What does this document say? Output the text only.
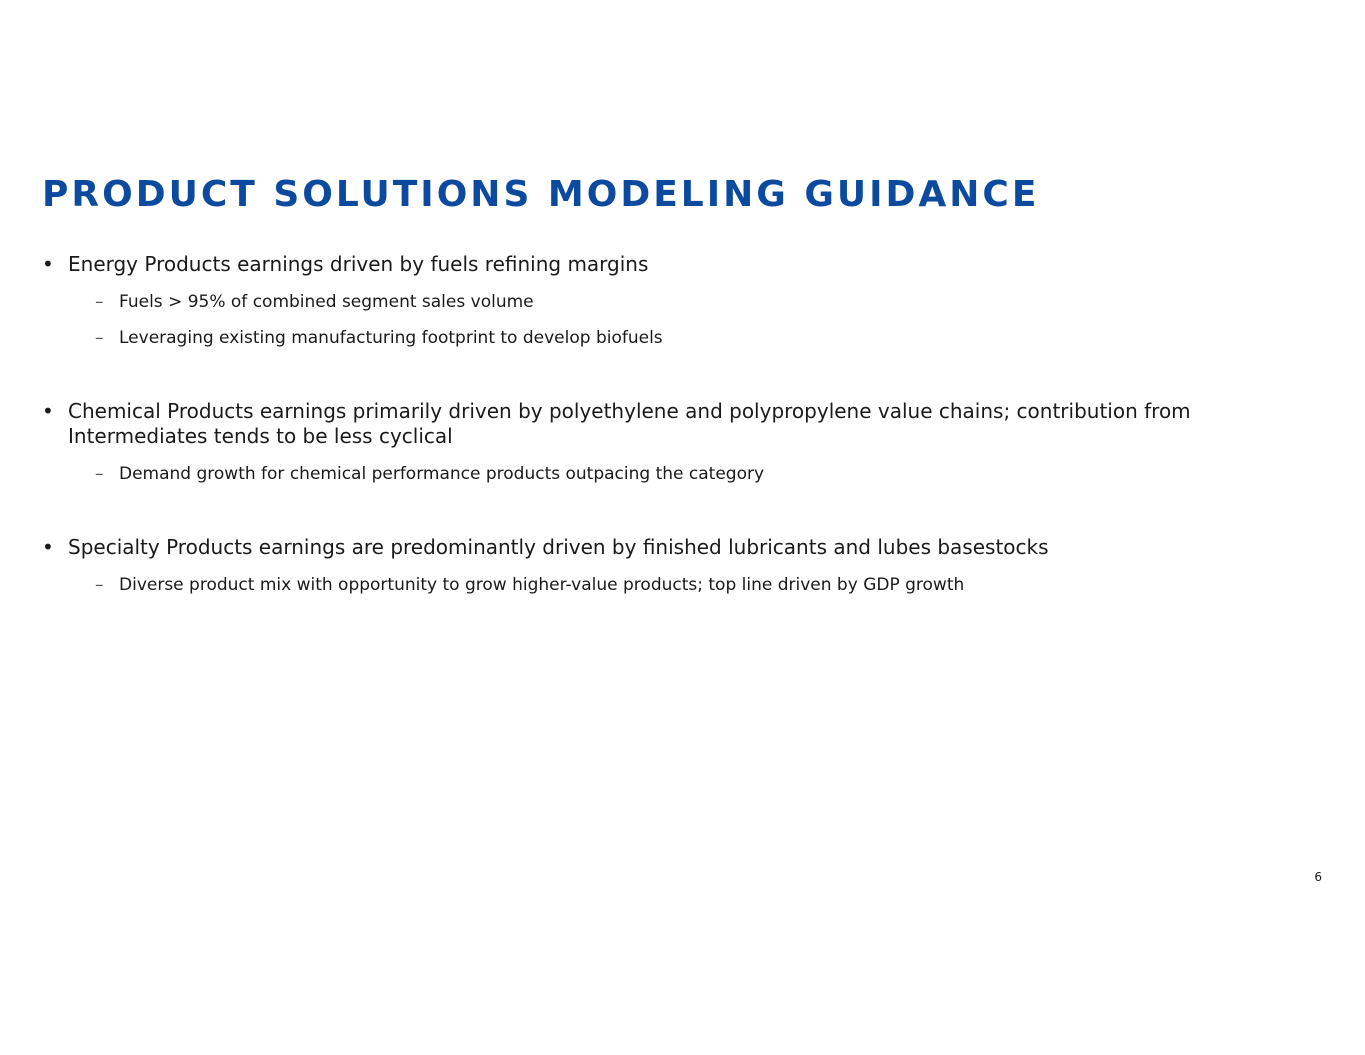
PRODUCT SOLUTIONS MODELING GUIDANCE

• Energy Products earnings driven by fuels refining margins

– Fuels > 95% of combined segment sales volume
– Leveraging existing manufacturing footprint to develop biofuels

• Chemical Products earnings primarily driven by polyethylene and polypropylene value chains; contribution from Intermediates tends to be less cyclical

– Demand growth for chemical performance products outpacing the category

• Specialty Products earnings are predominantly driven by finished lubricants and lubes basestocks

– Diverse product mix with opportunity to grow higher-value products; top line driven by GDP growth
6
